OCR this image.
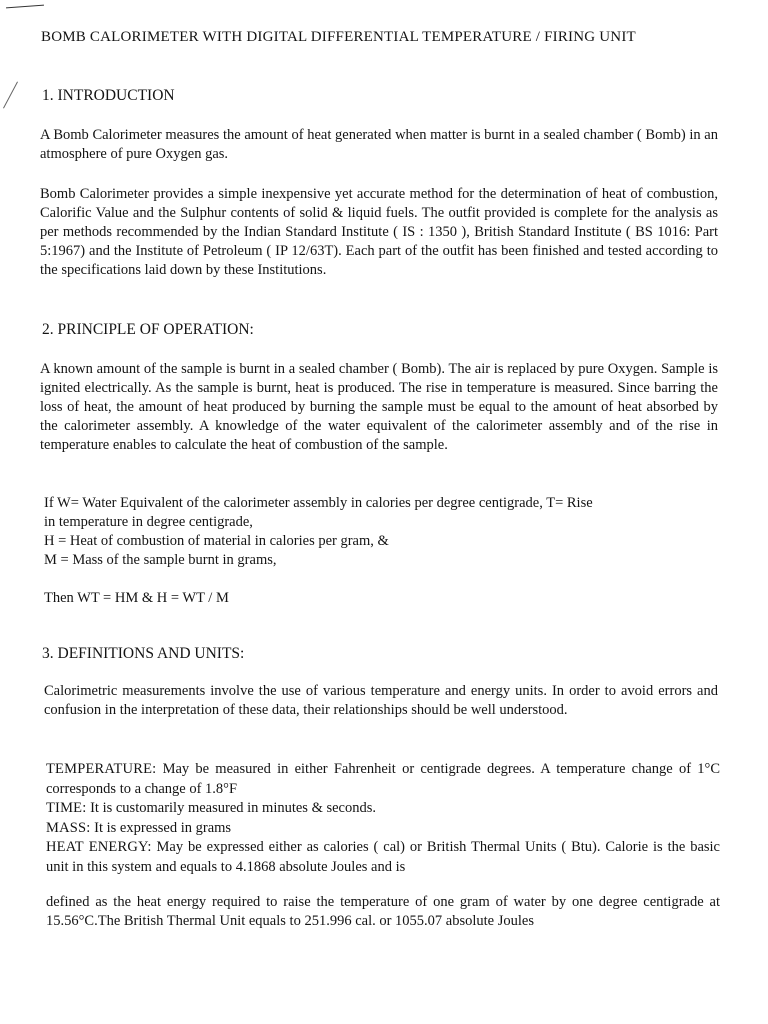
BOMB CALORIMETER WITH DIGITAL DIFFERENTIAL TEMPERATURE / FIRING UNIT
1. INTRODUCTION
A Bomb Calorimeter measures the amount of heat generated when matter is burnt in a sealed chamber ( Bomb) in an atmosphere of pure Oxygen gas.
Bomb Calorimeter provides a simple inexpensive yet accurate method for the determination of heat of combustion, Calorific Value and the Sulphur contents of solid & liquid fuels. The outfit provided is complete for the analysis as per methods recommended by the Indian Standard Institute ( IS : 1350 ), British Standard Institute ( BS 1016: Part 5:1967) and the Institute of Petroleum ( IP 12/63T). Each part of the outfit has been finished and tested according to the specifications laid down by these Institutions.
2. PRINCIPLE OF OPERATION:
A known amount of the sample is burnt in a sealed chamber ( Bomb). The air is replaced by pure Oxygen. Sample is ignited electrically. As the sample is burnt, heat is produced. The rise in temperature is measured. Since barring the loss of heat, the amount of heat produced by burning the sample must be equal to the amount of heat absorbed by the calorimeter assembly. A knowledge of the water equivalent of the calorimeter assembly and of the rise in temperature enables to calculate the heat of combustion of the sample.
If W= Water Equivalent of the calorimeter assembly in calories per degree centigrade, T= Rise
in temperature in degree centigrade,
H = Heat of combustion of material in calories per gram, &
M = Mass of the sample burnt in grams,
Then WT = HM & H = WT / M
3. DEFINITIONS AND UNITS:
Calorimetric measurements involve the use of various temperature and energy units. In order to avoid errors and confusion in the interpretation of these data, their relationships should be well understood.
TEMPERATURE: May be measured in either Fahrenheit or centigrade degrees. A temperature change of 1°C corresponds to a change of 1.8°F
TIME: It is customarily measured in minutes & seconds.
MASS: It is expressed in grams
HEAT ENERGY: May be expressed either as calories ( cal) or British Thermal Units ( Btu). Calorie is the basic unit in this system and equals to 4.1868 absolute Joules and is
defined as the heat energy required to raise the temperature of one gram of water by one degree centigrade at 15.56°C.The British Thermal Unit equals to 251.996 cal. or 1055.07 absolute Joules
